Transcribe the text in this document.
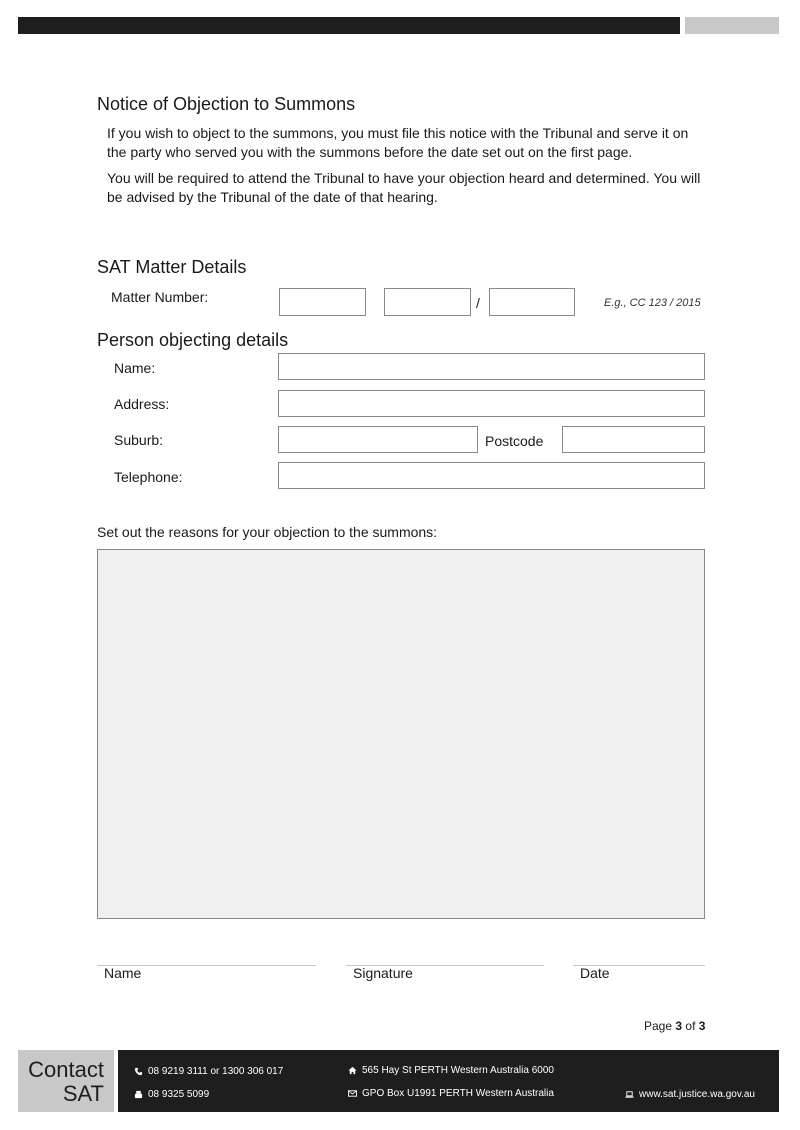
Notice of Objection to Summons
If you wish to object to the summons, you must file this notice with the Tribunal and serve it on the party who served you with the summons before the date set out on the first page.
You will be required to attend the Tribunal to have your objection heard and determined. You will be advised by the Tribunal of the date of that hearing.
SAT Matter Details
Matter Number:	/	E.g., CC 123 / 2015
Person objecting details
Name:
Address:
Suburb:	Postcode
Telephone:
Set out the reasons for your objection to the summons:
Name	Signature	Date
Page 3 of 3
Contact
SAT
08 9219 3111 or 1300 306 017
08 9325 5099
565 Hay St PERTH Western Australia 6000
GPO Box U1991 PERTH Western Australia	www.sat.justice.wa.gov.au
